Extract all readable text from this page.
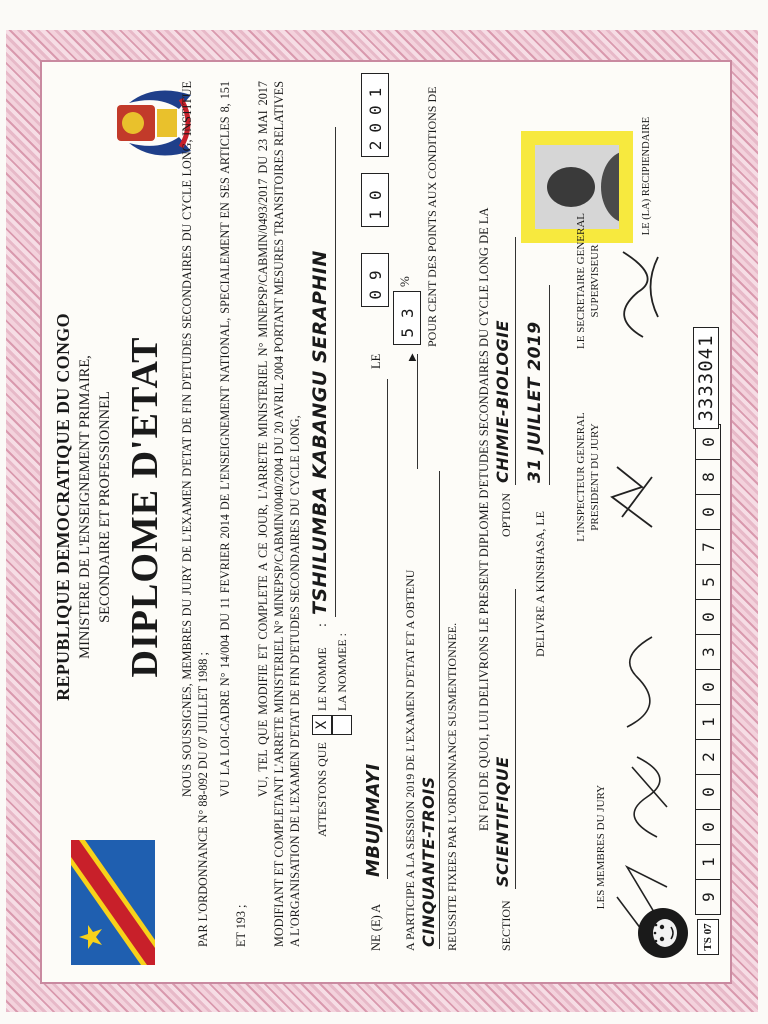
REPUBLIQUE DEMOCRATIQUE DU CONGO MINISTERE DE L'ENSEIGNEMENT PRIMAIRE, SECONDAIRE ET PROFESSIONNEL DIPLOME D'ETAT NOUS SOUSSIGNES, MEMBRES DU JURY DE L'EXAMEN D'ETAT DE FIN D'ETUDES SECONDAIRES DU CYCLE LONG, INSTITUE PAR L'ORDONNANCE N° 88-092 DU 07 JUILLET 1988 ;
VU LA LOI-CADRE N° 14/004 DU 11 FEVRIER 2014 DE L'ENSEIGNEMENT NATIONAL, SPECIALEMENT EN SES ARTICLES 8, 151 ET 193 ;
VU, TEL QUE MODIFIE ET COMPLETE A CE JOUR, L'ARRETE MINISTERIEL N° MINEPSP/CABMIN/0493/2017 DU 23 MAI 2017 MODIFIANT ET COMPLETANT L'ARRETE MINISTERIEL N° MINEPSP/CABMIN/0040/2004 DU 20 AVRIL 2004 PORTANT MESURES TRANSITOIRES RELATIVES A L'ORGANISATION DE L'EXAMEN D'ETAT DE FIN D'ETUDES SECONDAIRES DU CYCLE LONG, ATTESTONS QUE
X
LE NOMME LA NOMMEE :
:
TSHILUMBA KABANGU SERAPHIN
NE (E) A
MBUJIMAYI
LE
09
10
2001
A PARTICIPE A LA SESSION 2019 DE L'EXAMEN D'ETAT ET A OBTENU
▶
53
%
CINQUANTE-TROIS
POUR CENT DES POINTS AUX CONDITIONS DE
REUSSITE FIXEES PAR L'ORDONNANCE SUSMENTIONNEE. EN FOI DE QUOI, LUI DELIVRONS LE PRESENT DIPLOME D'ETUDES SECONDAIRES DU CYCLE LONG DE LA
SECTION
SCIENTIFIQUE
OPTION
CHIMIE-BIOLOGIE
DELIVRE A KINSHASA, LE
31 JUILLET 2019
LES MEMBRES DU JURY
L'INSPECTEUR GENERAL PRESIDENT DU JURY
LE SECRETAIRE GENERAL SUPERVISEUR
LE (LA) RECIPIENDAIRE
TS 07
9
1
0
0
2
1
0
3
0
5
7
0
8
0
3333041
